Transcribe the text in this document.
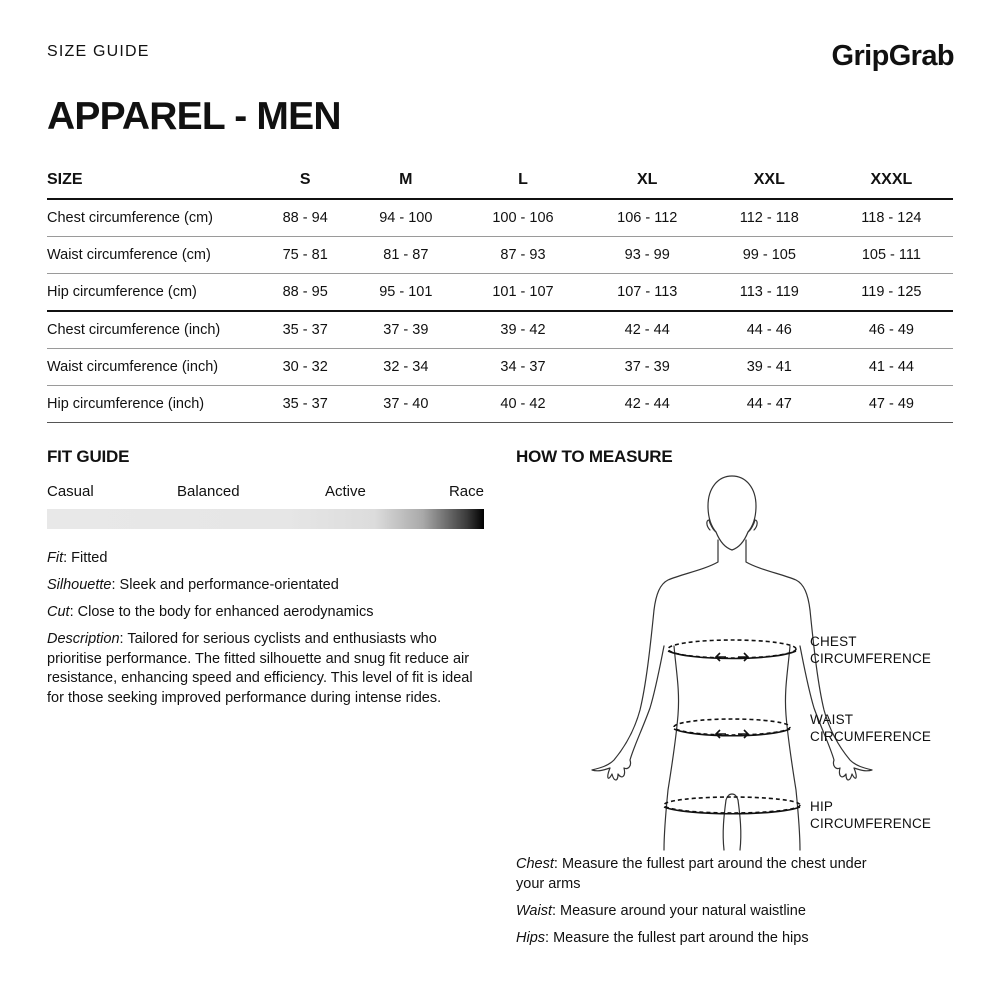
SIZE GUIDE	GripGrab
APPAREL - MEN
SIZE	S	M	L	XL	XXL	XXXL
Chest circumference (cm)	88 - 94	94 - 100	100 - 106	106 - 112	112 - 118	118 - 124
Waist circumference (cm)	75 - 81	81 - 87	87 - 93	93 - 99	99 - 105	105 - 111
Hip circumference (cm)	88 - 95	95 - 101	101 - 107	107 - 113	113 - 119	119 - 125
Chest circumference (inch)	35 - 37	37 - 39	39 - 42	42 - 44	44 - 46	46 - 49
Waist circumference (inch)	30 - 32	32 - 34	34 - 37	37 - 39	39 - 41	41 - 44
Hip circumference (inch)	35 - 37	37 - 40	40 - 42	42 - 44	44 - 47	47 - 49
FIT GUIDE
Casual	Balanced	Active	Race
Fit: Fitted
Silhouette: Sleek and performance-orientated
Cut: Close to the body for enhanced aerodynamics
Description: Tailored for serious cyclists and enthusiasts who prioritise performance. The fitted silhouette and snug fit reduce air resistance, enhancing speed and efficiency. This level of fit is ideal for those seeking improved performance during intense rides.
HOW TO MEASURE
CHEST
CIRCUMFERENCE
WAIST
CIRCUMFERENCE
HIP
CIRCUMFERENCE
Chest: Measure the fullest part around the chest under your arms
Waist: Measure around your natural waistline
Hips: Measure the fullest part around the hips
